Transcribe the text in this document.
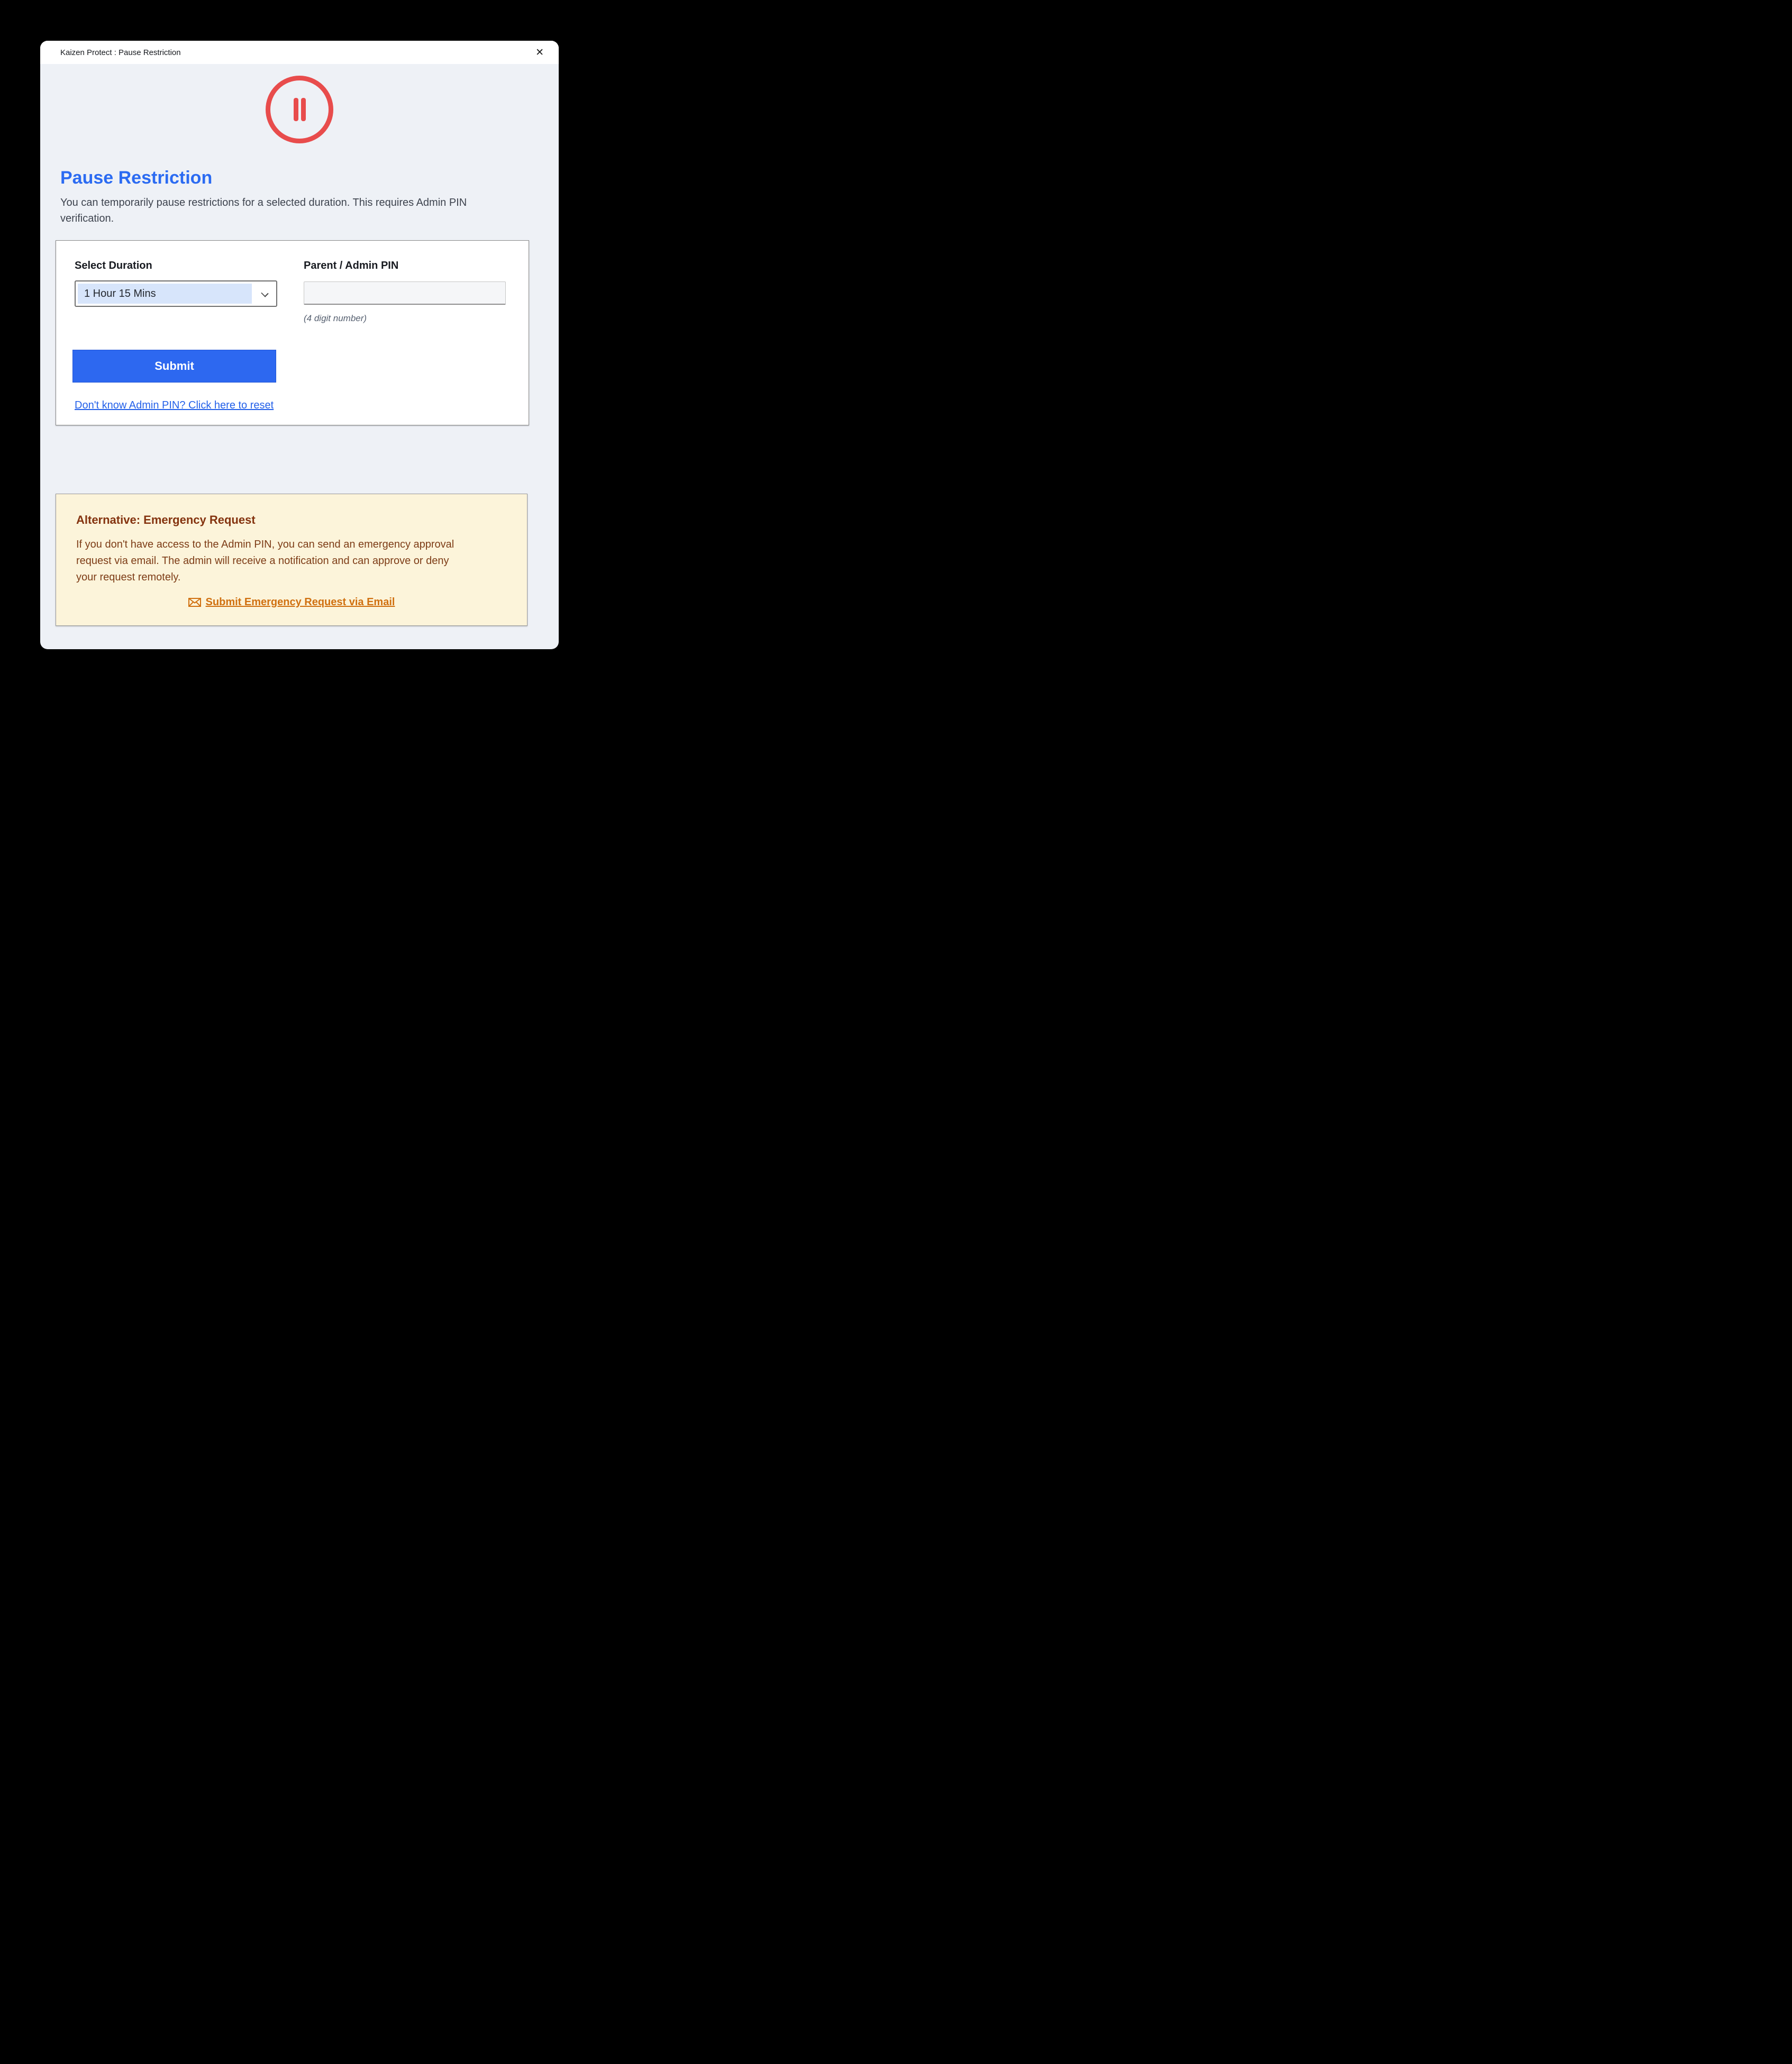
Kaizen Protect : Pause Restriction	✕
Pause Restriction

You can temporarily pause restrictions for a selected duration. This requires Admin PIN verification.

Select Duration
1 Hour 15 Mins
Parent / Admin PIN
(4 digit number)
Submit
Don't know Admin PIN? Click here to reset
Alternative: Emergency Request

If you don't have access to the Admin PIN, you can send an emergency approval request via email. The admin will receive a notification and can approve or deny your request remotely.

Submit Emergency Request via Email
